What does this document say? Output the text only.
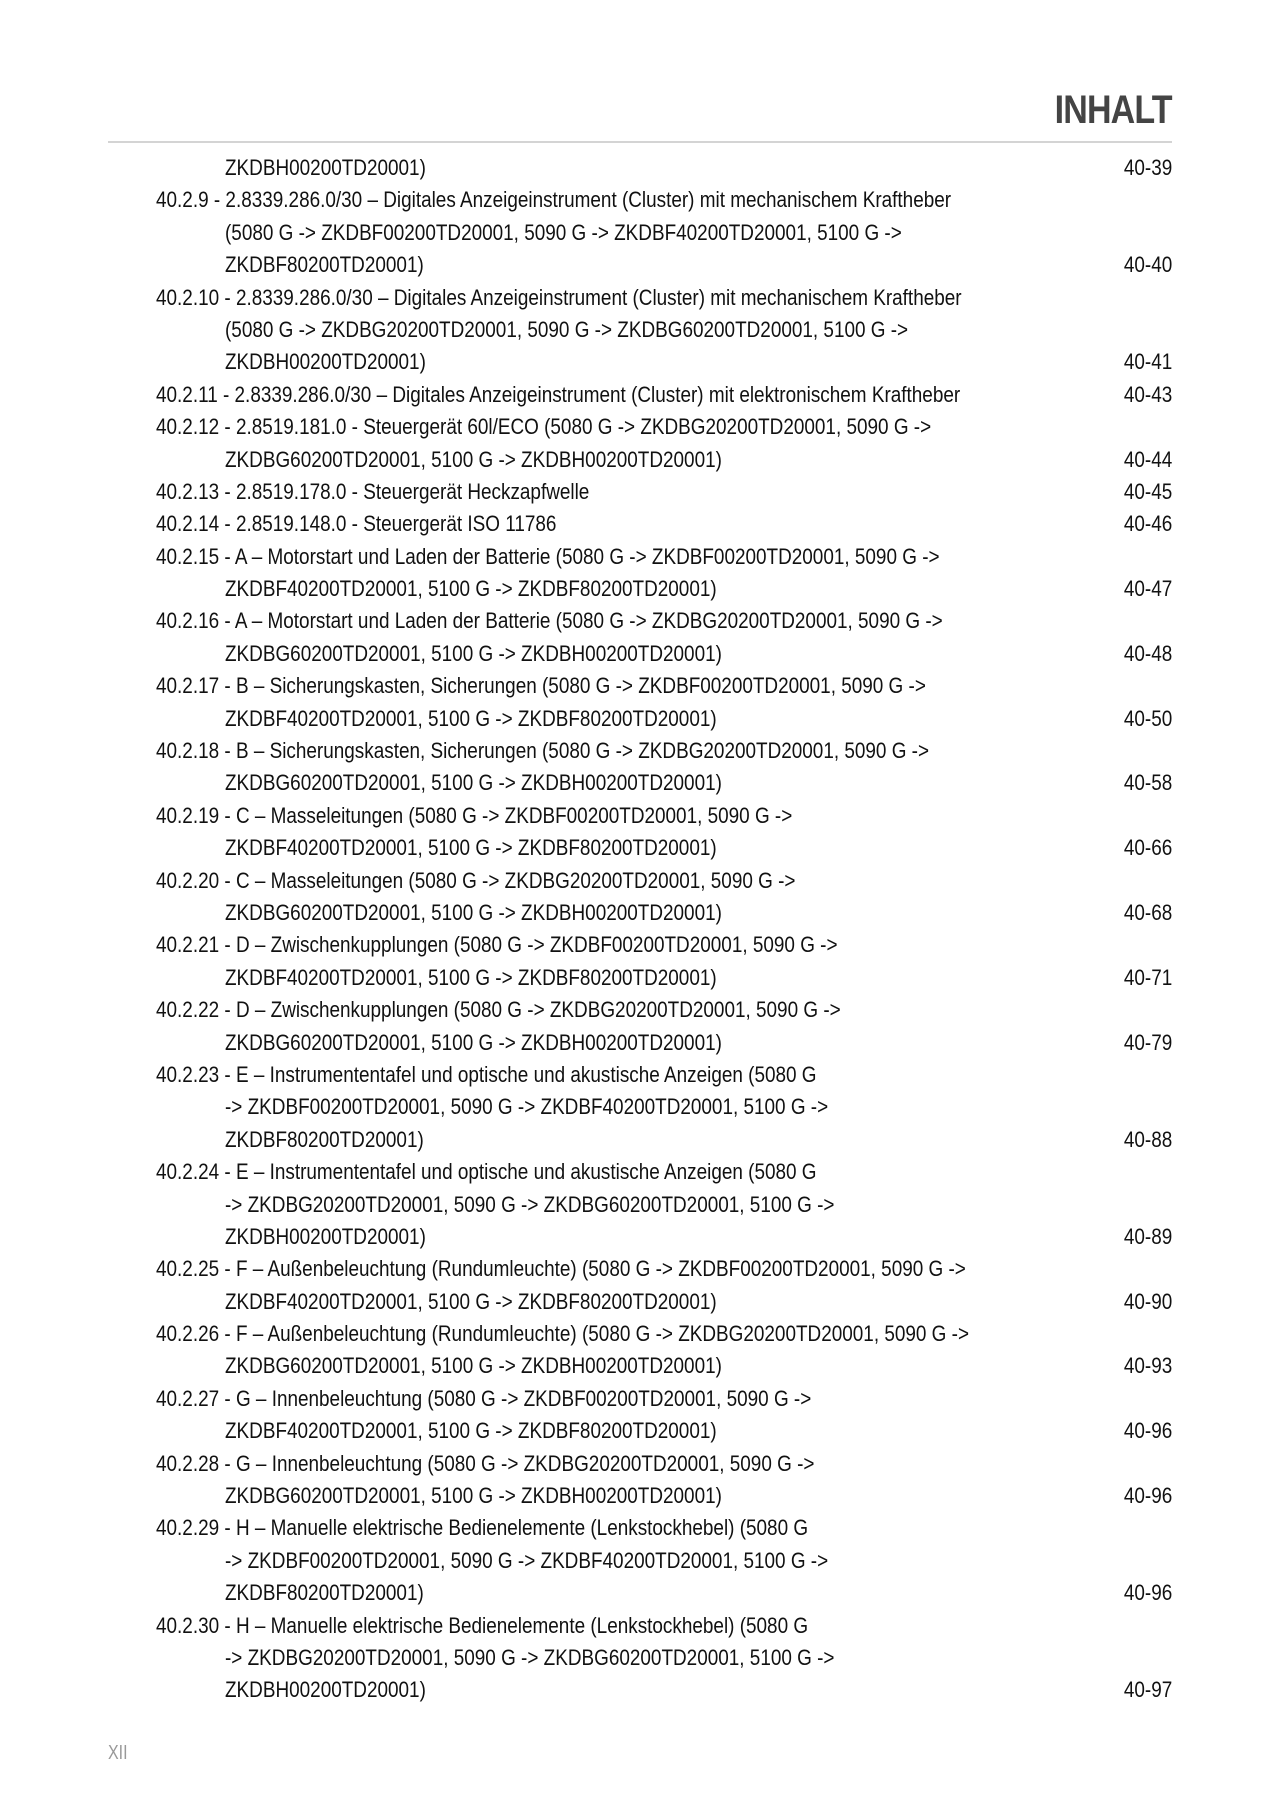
INHALT
ZKDBH00200TD20001)	40-39
40.2.9 - 2.8339.286.0/30 – Digitales Anzeigeinstrument (Cluster) mit mechanischem Kraftheber
(5080 G -> ZKDBF00200TD20001, 5090 G -> ZKDBF40200TD20001, 5100 G ->
ZKDBF80200TD20001)	40-40
40.2.10 - 2.8339.286.0/30 – Digitales Anzeigeinstrument (Cluster) mit mechanischem Kraftheber
(5080 G -> ZKDBG20200TD20001, 5090 G -> ZKDBG60200TD20001, 5100 G ->
ZKDBH00200TD20001)	40-41
40.2.11 - 2.8339.286.0/30 – Digitales Anzeigeinstrument (Cluster) mit elektronischem Kraftheber	40-43
40.2.12 - 2.8519.181.0 - Steuergerät 60l/ECO (5080 G -> ZKDBG20200TD20001, 5090 G ->
ZKDBG60200TD20001, 5100 G -> ZKDBH00200TD20001)	40-44
40.2.13 - 2.8519.178.0 - Steuergerät Heckzapfwelle	40-45
40.2.14 - 2.8519.148.0 - Steuergerät ISO 11786	40-46
40.2.15 - A – Motorstart und Laden der Batterie (5080 G -> ZKDBF00200TD20001, 5090 G ->
ZKDBF40200TD20001, 5100 G -> ZKDBF80200TD20001)	40-47
40.2.16 - A – Motorstart und Laden der Batterie (5080 G -> ZKDBG20200TD20001, 5090 G ->
ZKDBG60200TD20001, 5100 G -> ZKDBH00200TD20001)	40-48
40.2.17 - B – Sicherungskasten, Sicherungen (5080 G -> ZKDBF00200TD20001, 5090 G ->
ZKDBF40200TD20001, 5100 G -> ZKDBF80200TD20001)	40-50
40.2.18 - B – Sicherungskasten, Sicherungen (5080 G -> ZKDBG20200TD20001, 5090 G ->
ZKDBG60200TD20001, 5100 G -> ZKDBH00200TD20001)	40-58
40.2.19 - C – Masseleitungen (5080 G -> ZKDBF00200TD20001, 5090 G ->
ZKDBF40200TD20001, 5100 G -> ZKDBF80200TD20001)	40-66
40.2.20 - C – Masseleitungen (5080 G -> ZKDBG20200TD20001, 5090 G ->
ZKDBG60200TD20001, 5100 G -> ZKDBH00200TD20001)	40-68
40.2.21 - D – Zwischenkupplungen (5080 G -> ZKDBF00200TD20001, 5090 G ->
ZKDBF40200TD20001, 5100 G -> ZKDBF80200TD20001)	40-71
40.2.22 - D – Zwischenkupplungen (5080 G -> ZKDBG20200TD20001, 5090 G ->
ZKDBG60200TD20001, 5100 G -> ZKDBH00200TD20001)	40-79
40.2.23 - E – Instrumententafel und optische und akustische Anzeigen (5080 G
-> ZKDBF00200TD20001, 5090 G -> ZKDBF40200TD20001, 5100 G ->
ZKDBF80200TD20001)	40-88
40.2.24 - E – Instrumententafel und optische und akustische Anzeigen (5080 G
-> ZKDBG20200TD20001, 5090 G -> ZKDBG60200TD20001, 5100 G ->
ZKDBH00200TD20001)	40-89
40.2.25 - F – Außenbeleuchtung (Rundumleuchte) (5080 G -> ZKDBF00200TD20001, 5090 G ->
ZKDBF40200TD20001, 5100 G -> ZKDBF80200TD20001)	40-90
40.2.26 - F – Außenbeleuchtung (Rundumleuchte) (5080 G -> ZKDBG20200TD20001, 5090 G ->
ZKDBG60200TD20001, 5100 G -> ZKDBH00200TD20001)	40-93
40.2.27 - G – Innenbeleuchtung (5080 G -> ZKDBF00200TD20001, 5090 G ->
ZKDBF40200TD20001, 5100 G -> ZKDBF80200TD20001)	40-96
40.2.28 - G – Innenbeleuchtung (5080 G -> ZKDBG20200TD20001, 5090 G ->
ZKDBG60200TD20001, 5100 G -> ZKDBH00200TD20001)	40-96
40.2.29 - H – Manuelle elektrische Bedienelemente (Lenkstockhebel) (5080 G
-> ZKDBF00200TD20001, 5090 G -> ZKDBF40200TD20001, 5100 G ->
ZKDBF80200TD20001)	40-96
40.2.30 - H – Manuelle elektrische Bedienelemente (Lenkstockhebel) (5080 G
-> ZKDBG20200TD20001, 5090 G -> ZKDBG60200TD20001, 5100 G ->
ZKDBH00200TD20001)	40-97
XII
